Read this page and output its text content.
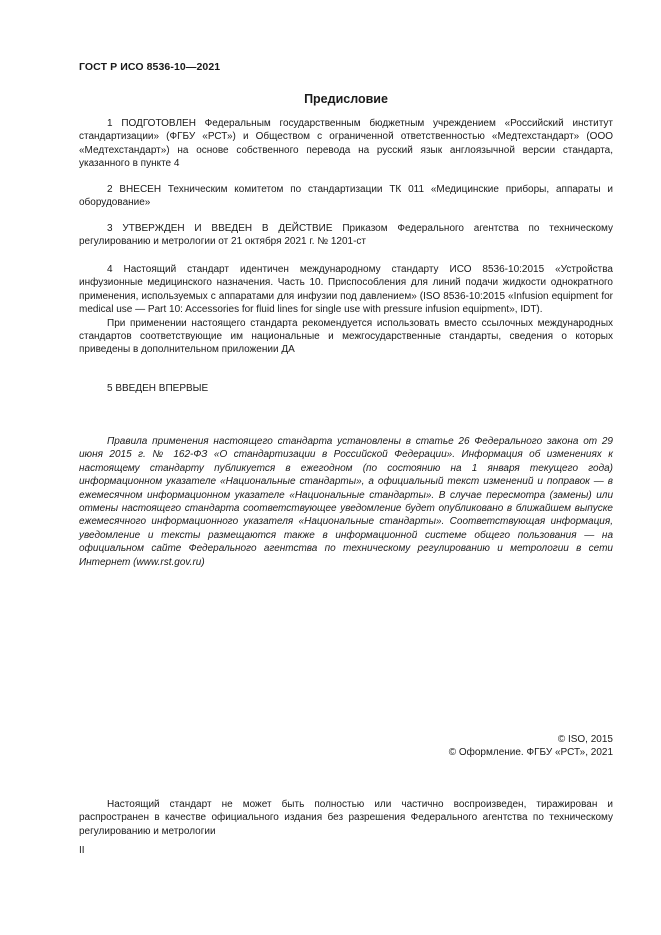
ГОСТ Р ИСО 8536-10—2021
Предисловие

1 ПОДГОТОВЛЕН Федеральным государственным бюджетным учреждением «Российский институт стандартизации» (ФГБУ «РСТ») и Обществом с ограниченной ответственностью «Медтехстандарт» (ООО «Медтехстандарт») на основе собственного перевода на русский язык англоязычной версии стандарта, указанного в пункте 4

2 ВНЕСЕН Техническим комитетом по стандартизации ТК 011 «Медицинские приборы, аппараты и оборудование»

3 УТВЕРЖДЕН И ВВЕДЕН В ДЕЙСТВИЕ Приказом Федерального агентства по техническому регулированию и метрологии от 21 октября 2021 г. № 1201-ст

4 Настоящий стандарт идентичен международному стандарту ИСО 8536-10:2015 «Устройства инфузионные медицинского назначения. Часть 10. Приспособления для линий подачи жидкости однократного применения, используемых с аппаратами для инфузии под давлением» (ISO 8536-10:2015 «Infusion equipment for medical use — Part 10: Accessories for fluid lines for single use with pressure infusion equipment», IDT).

При применении настоящего стандарта рекомендуется использовать вместо ссылочных международных стандартов соответствующие им национальные и межгосударственные стандарты, сведения о которых приведены в дополнительном приложении ДА

5 ВВЕДЕН ВПЕРВЫЕ

Правила применения настоящего стандарта установлены в статье 26 Федерального закона от 29 июня 2015 г. № 162-ФЗ «О стандартизации в Российской Федерации». Информация об изменениях к настоящему стандарту публикуется в ежегодном (по состоянию на 1 января текущего года) информационном указателе «Национальные стандарты», а официальный текст изменений и поправок — в ежемесячном информационном указателе «Национальные стандарты». В случае пересмотра (замены) или отмены настоящего стандарта соответствующее уведомление будет опубликовано в ближайшем выпуске ежемесячного информационного указателя «Национальные стандарты». Соответствующая информация, уведомление и тексты размещаются также в информационной системе общего пользования — на официальном сайте Федерального агентства по техническому регулированию и метрологии в сети Интернет (www.rst.gov.ru)

© ISO, 2015
© Оформление. ФГБУ «РСТ», 2021

Настоящий стандарт не может быть полностью или частично воспроизведен, тиражирован и распространен в качестве официального издания без разрешения Федерального агентства по техническому регулированию и метрологии

II
